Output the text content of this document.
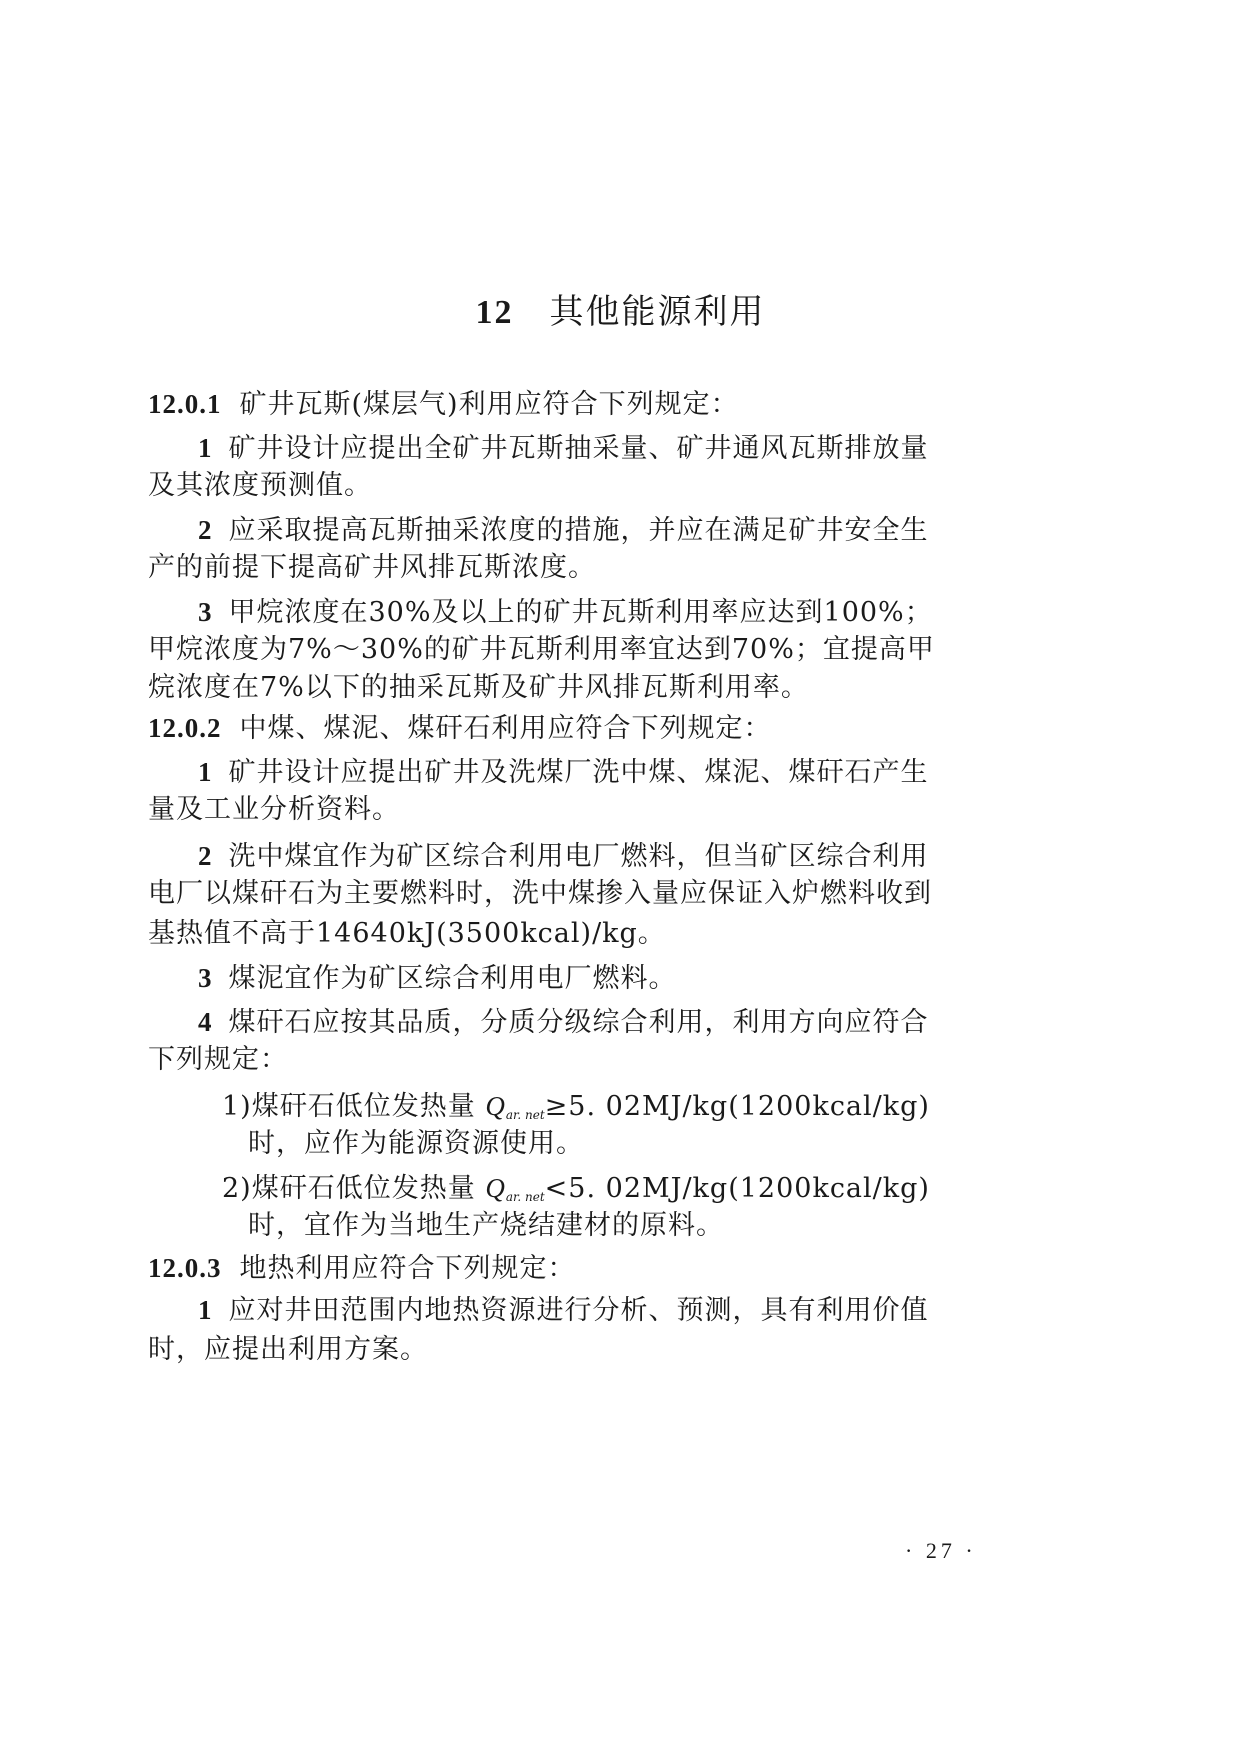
12 其他能源利用
12.0.1 矿井瓦斯(煤层气)利用应符合下列规定：
1 矿井设计应提出全矿井瓦斯抽采量、矿井通风瓦斯排放量
及其浓度预测值。
2 应采取提高瓦斯抽采浓度的措施，并应在满足矿井安全生
产的前提下提高矿井风排瓦斯浓度。
3 甲烷浓度在30%及以上的矿井瓦斯利用率应达到100%；
甲烷浓度为7%～30%的矿井瓦斯利用率宜达到70%；宜提高甲
烷浓度在7%以下的抽采瓦斯及矿井风排瓦斯利用率。
12.0.2 中煤、煤泥、煤矸石利用应符合下列规定：
1 矿井设计应提出矿井及洗煤厂洗中煤、煤泥、煤矸石产生
量及工业分析资料。
2 洗中煤宜作为矿区综合利用电厂燃料，但当矿区综合利用
电厂以煤矸石为主要燃料时，洗中煤掺入量应保证入炉燃料收到
基热值不高于14640kJ(3500kcal)/kg。
3 煤泥宜作为矿区综合利用电厂燃料。
4 煤矸石应按其品质，分质分级综合利用，利用方向应符合
下列规定：
1)煤矸石低位发热量 $Q_{ar. net}\ge 5$. 02MJ/kg(1200kcal/kg)
时，应作为能源资源使用。
2)煤矸石低位发热量 $Q_{ar. net}<5$. 02MJ/kg(1200kcal/kg)
时，宜作为当地生产烧结建材的原料。
12.0.3 地热利用应符合下列规定：
1 应对井田范围内地热资源进行分析、预测，具有利用价值
时，应提出利用方案。
· 27 ·
